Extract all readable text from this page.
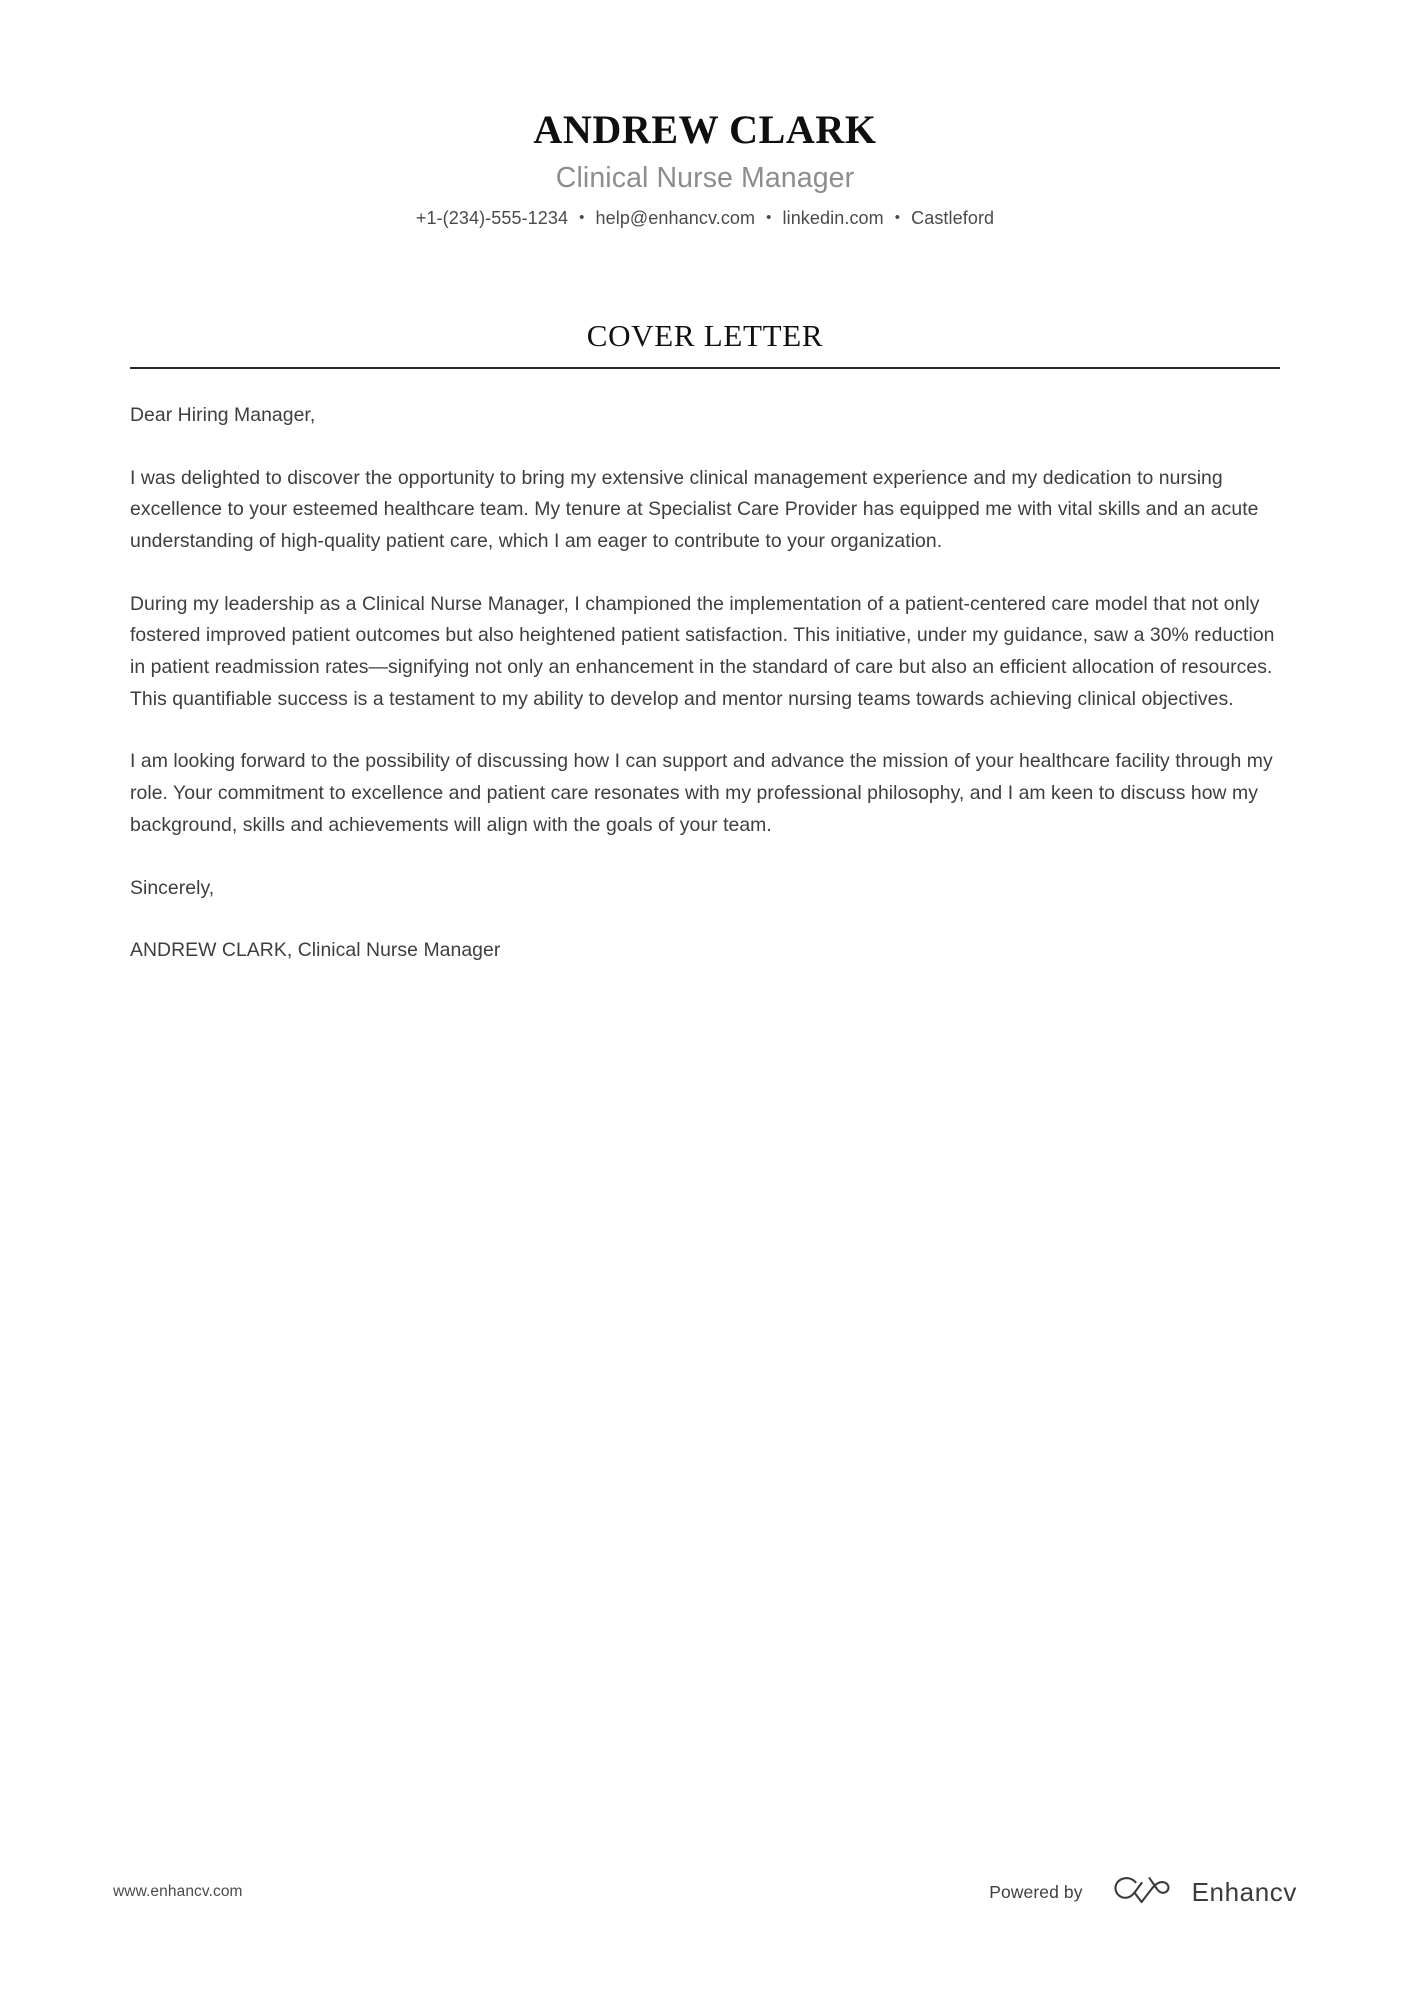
ANDREW CLARK
Clinical Nurse Manager
+1-(234)-555-1234 • help@enhancv.com • linkedin.com • Castleford
COVER LETTER

Dear Hiring Manager,

I was delighted to discover the opportunity to bring my extensive clinical management experience and my dedication to nursing excellence to your esteemed healthcare team. My tenure at Specialist Care Provider has equipped me with vital skills and an acute understanding of high-quality patient care, which I am eager to contribute to your organization.

During my leadership as a Clinical Nurse Manager, I championed the implementation of a patient-centered care model that not only fostered improved patient outcomes but also heightened patient satisfaction. This initiative, under my guidance, saw a 30% reduction in patient readmission rates—signifying not only an enhancement in the standard of care but also an efficient allocation of resources. This quantifiable success is a testament to my ability to develop and mentor nursing teams towards achieving clinical objectives.

I am looking forward to the possibility of discussing how I can support and advance the mission of your healthcare facility through my role. Your commitment to excellence and patient care resonates with my professional philosophy, and I am keen to discuss how my background, skills and achievements will align with the goals of your team.

Sincerely,

ANDREW CLARK, Clinical Nurse Manager

www.enhancv.com	Powered by	Enhancv
